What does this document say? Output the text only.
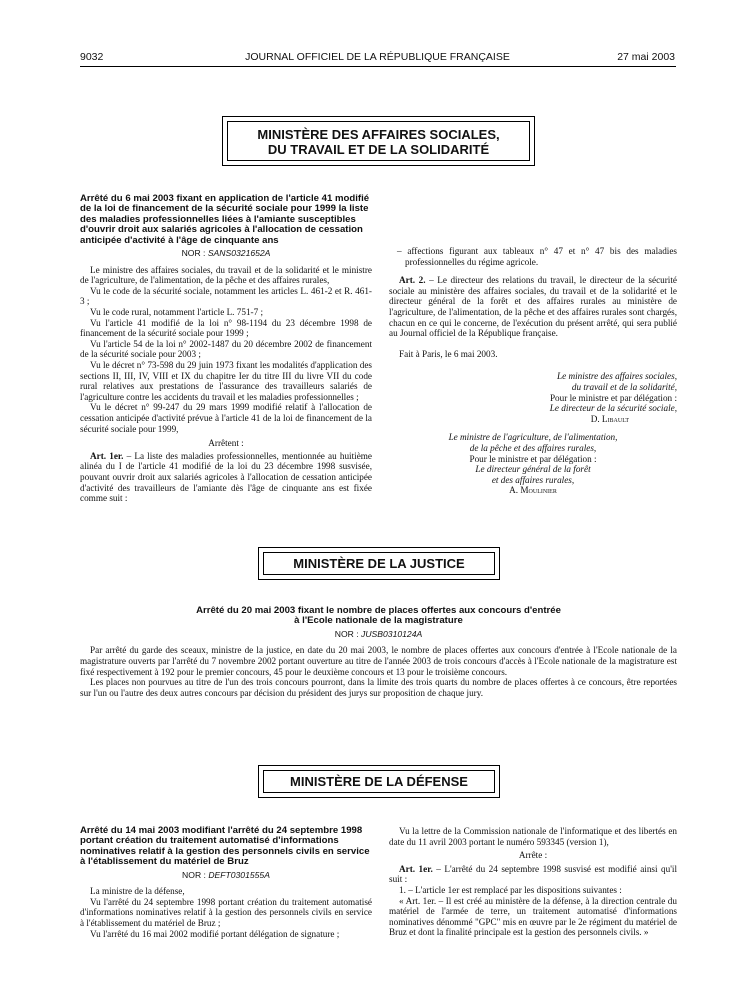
9032	JOURNAL OFFICIEL DE LA RÉPUBLIQUE FRANÇAISE	27 mai 2003
MINISTÈRE DES AFFAIRES SOCIALES,
DU TRAVAIL ET DE LA SOLIDARITÉ
Arrêté du 6 mai 2003 fixant en application de l'article 41 modifié de la loi de financement de la sécurité sociale pour 1999 la liste des maladies professionnelles liées à l'amiante susceptibles d'ouvrir droit aux salariés agricoles à l'allocation de cessation anticipée d'activité à l'âge de cinquante ans
NOR : SANS0321652A

Le ministre des affaires sociales, du travail et de la solidarité et le ministre de l'agriculture, de l'alimentation, de la pêche et des affaires rurales,

Vu le code de la sécurité sociale, notamment les articles L. 461-2 et R. 461-3 ;

Vu le code rural, notamment l'article L. 751-7 ;

Vu l'article 41 modifié de la loi n° 98-1194 du 23 décembre 1998 de financement de la sécurité sociale pour 1999 ;

Vu l'article 54 de la loi n° 2002-1487 du 20 décembre 2002 de financement de la sécurité sociale pour 2003 ;

Vu le décret n° 73-598 du 29 juin 1973 fixant les modalités d'application des sections II, III, IV, VIII et IX du chapitre Ier du titre III du livre VII du code rural relatives aux prestations de l'assurance des travailleurs salariés de l'agriculture contre les accidents du travail et les maladies professionnelles ;

Vu le décret n° 99-247 du 29 mars 1999 modifié relatif à l'allocation de cessation anticipée d'activité prévue à l'article 41 de la loi de financement de la sécurité sociale pour 1999,

Arrêtent :

Art. 1er. – La liste des maladies professionnelles, mentionnée au huitième alinéa du I de l'article 41 modifié de la loi du 23 décembre 1998 susvisée, pouvant ouvrir droit aux salariés agricoles à l'allocation de cessation anticipée d'activité des travailleurs de l'amiante dès l'âge de cinquante ans est fixée comme suit :

– affections figurant aux tableaux n° 47 et n° 47 bis des maladies professionnelles du régime agricole.

Art. 2. – Le directeur des relations du travail, le directeur de la sécurité sociale au ministère des affaires sociales, du travail et de la solidarité et le directeur général de la forêt et des affaires rurales au ministère de l'agriculture, de l'alimentation, de la pêche et des affaires rurales sont chargés, chacun en ce qui le concerne, de l'exécution du présent arrêté, qui sera publié au Journal officiel de la République française.

Fait à Paris, le 6 mai 2003.

Le ministre des affaires sociales,
du travail et de la solidarité,
Pour le ministre et par délégation :
Le directeur de la sécurité sociale,
D. Libault
Le ministre de l'agriculture, de l'alimentation,
de la pêche et des affaires rurales,
Pour le ministre et par délégation :
Le directeur général de la forêt
et des affaires rurales,
A. Moulinier
MINISTÈRE DE LA JUSTICE
Arrêté du 20 mai 2003 fixant le nombre de places offertes aux concours d'entrée
à l'Ecole nationale de la magistrature
NOR : JUSB0310124A

Par arrêté du garde des sceaux, ministre de la justice, en date du 20 mai 2003, le nombre de places offertes aux concours d'entrée à l'Ecole nationale de la magistrature ouverts par l'arrêté du 7 novembre 2002 portant ouverture au titre de l'année 2003 de trois concours d'accès à l'Ecole nationale de la magistrature est fixé respectivement à 192 pour le premier concours, 45 pour le deuxième concours et 13 pour le troisième concours.

Les places non pourvues au titre de l'un des trois concours pourront, dans la limite des trois quarts du nombre de places offertes à ce concours, être reportées sur l'un ou l'autre des deux autres concours par décision du président des jurys sur proposition de chaque jury.

MINISTÈRE DE LA DÉFENSE
Arrêté du 14 mai 2003 modifiant l'arrêté du 24 septembre 1998 portant création du traitement automatisé d'informations nominatives relatif à la gestion des personnels civils en service à l'établissement du matériel de Bruz
NOR : DEFT0301555A

La ministre de la défense,

Vu l'arrêté du 24 septembre 1998 portant création du traitement automatisé d'informations nominatives relatif à la gestion des personnels civils en service à l'établissement du matériel de Bruz ;

Vu l'arrêté du 16 mai 2002 modifié portant délégation de signature ;

Vu la lettre de la Commission nationale de l'informatique et des libertés en date du 11 avril 2003 portant le numéro 593345 (version 1),

Arrête :

Art. 1er. – L'arrêté du 24 septembre 1998 susvisé est modifié ainsi qu'il suit :

1. – L'article 1er est remplacé par les dispositions suivantes :

« Art. 1er. – Il est créé au ministère de la défense, à la direction centrale du matériel de l'armée de terre, un traitement automatisé d'informations nominatives dénommé "GPC" mis en œuvre par le 2e régiment du matériel de Bruz et dont la finalité principale est la gestion des personnels civils. »
